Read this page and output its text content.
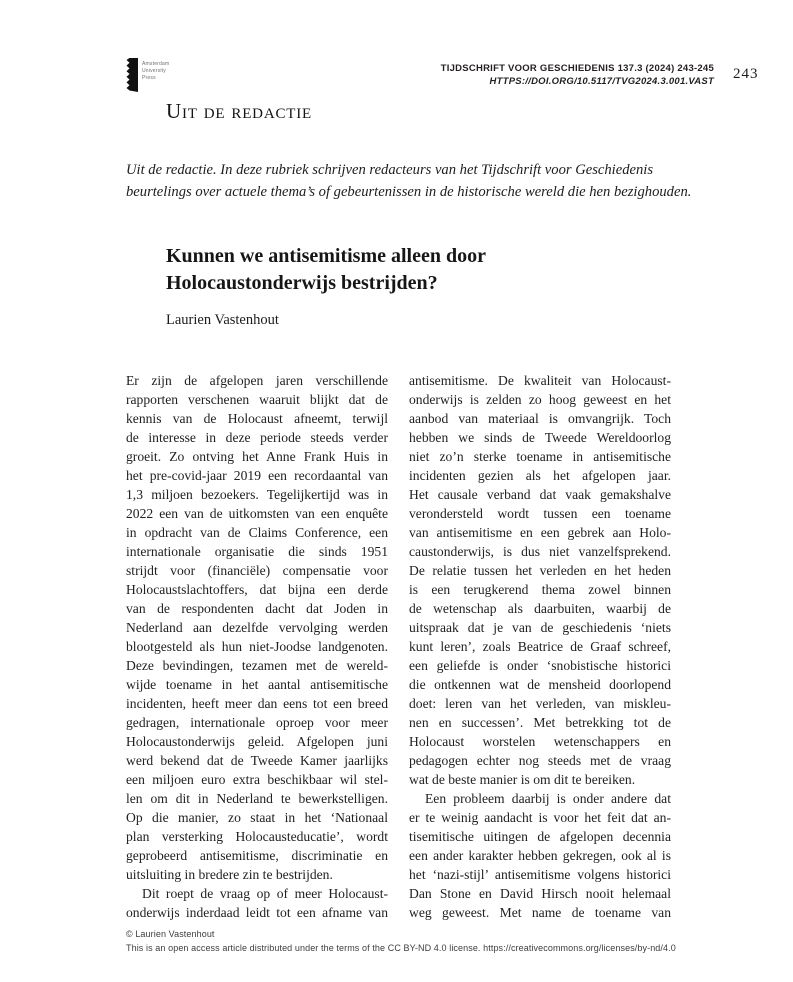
Amsterdam
University
Press
TIJDSCHRIFT VOOR GESCHIEDENIS 137.3 (2024) 243-245
HTTPS://DOI.ORG/10.5117/TVG2024.3.001.VAST 243
Uit de redactie

Uit de redactie. In deze rubriek schrijven redacteurs van het Tijdschrift voor Geschiedenis beurtelings over actuele thema’s of gebeurtenissen in de historische wereld die hen bezighouden.

Kunnen we antisemitisme alleen door Holocaustonderwijs bestrijden?
Laurien Vastenhout
Er zijn de afgelopen jaren verschillende
rapporten verschenen waaruit blijkt dat de
kennis van de Holocaust afneemt, terwijl
de interesse in deze periode steeds verder
groeit. Zo ontving het Anne Frank Huis in
het pre-covid-jaar 2019 een recordaantal van
1,3 miljoen bezoekers. Tegelijkertijd was in
2022 een van de uitkomsten van een enquête
in opdracht van de Claims Conference, een
internationale organisatie die sinds 1951
strijdt voor (financiële) compensatie voor
Holocaustslachtoffers, dat bijna een derde
van de respondenten dacht dat Joden in
Nederland aan dezelfde vervolging werden
blootgesteld als hun niet-Joodse landgenoten.
Deze bevindingen, tezamen met de wereld-
wijde toename in het aantal antisemitische
incidenten, heeft meer dan eens tot een breed
gedragen, internationale oproep voor meer
Holocaustonderwijs geleid. Afgelopen juni
werd bekend dat de Tweede Kamer jaarlijks
een miljoen euro extra beschikbaar wil stel-
len om dit in Nederland te bewerkstelligen.
Op die manier, zo staat in het ‘Nationaal
plan versterking Holocausteducatie’, wordt
geprobeerd antisemitisme, discriminatie en
uitsluiting in bredere zin te bestrijden.
Dit roept de vraag op of meer Holocaust-
onderwijs inderdaad leidt tot een afname van
antisemitisme. De kwaliteit van Holocaust-
onderwijs is zelden zo hoog geweest en het
aanbod van materiaal is omvangrijk. Toch
hebben we sinds de Tweede Wereldoorlog
niet zo’n sterke toename in antisemitische
incidenten gezien als het afgelopen jaar.
Het causale verband dat vaak gemakshalve
verondersteld wordt tussen een toename
van antisemitisme en een gebrek aan Holo-
caustonderwijs, is dus niet vanzelfsprekend.
De relatie tussen het verleden en het heden
is een terugkerend thema zowel binnen
de wetenschap als daarbuiten, waarbij de
uitspraak dat je van de geschiedenis ‘niets
kunt leren’, zoals Beatrice de Graaf schreef,
een geliefde is onder ‘snobistische historici
die ontkennen wat de mensheid doorlopend
doet: leren van het verleden, van miskleu-
nen en successen’. Met betrekking tot de
Holocaust worstelen wetenschappers en
pedagogen echter nog steeds met de vraag
wat de beste manier is om dit te bereiken.
Een probleem daarbij is onder andere dat
er te weinig aandacht is voor het feit dat an-
tisemitische uitingen de afgelopen decennia
een ander karakter hebben gekregen, ook al is
het ‘nazi-stijl’ antisemitisme volgens historici
Dan Stone en David Hirsch nooit helemaal
weg geweest. Met name de toename van
© Laurien Vastenhout
This is an open access article distributed under the terms of the CC BY-ND 4.0 license. https://creativecommons.org/licenses/by-nd/4.0
